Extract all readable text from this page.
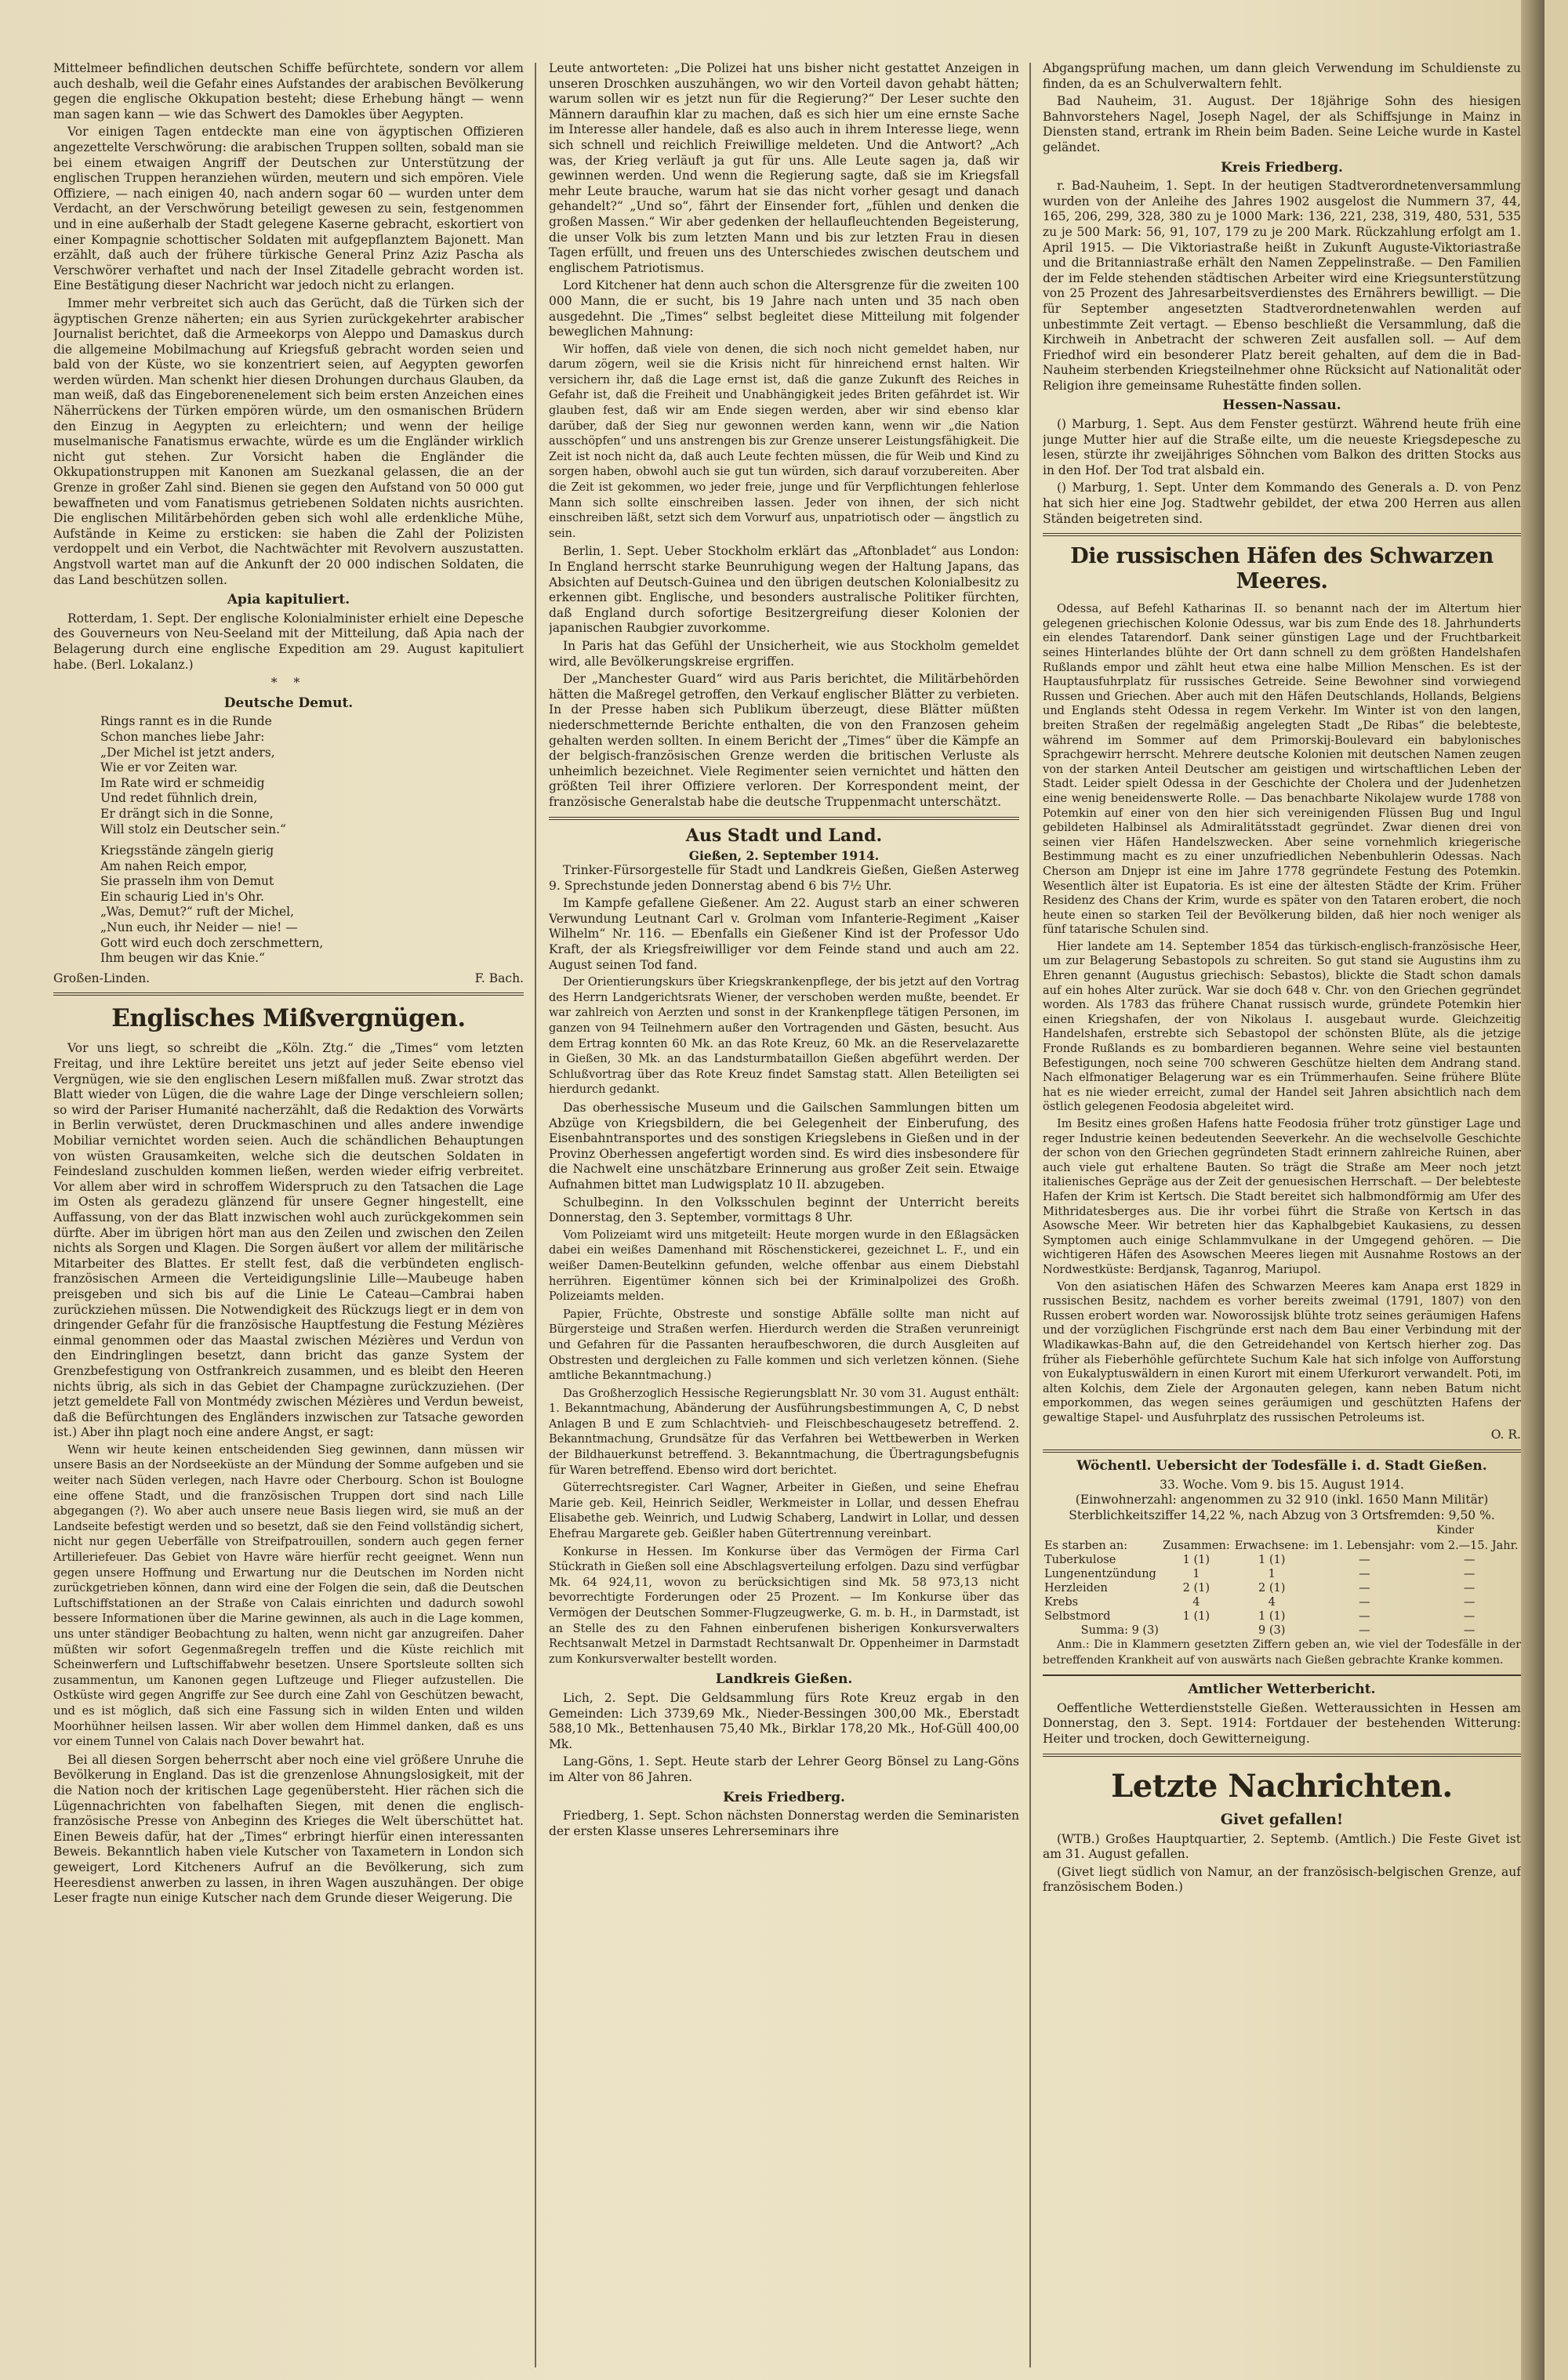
Mittelmeer befindlichen deutschen Schiffe befürchtete, sondern vor allem auch deshalb, weil die Gefahr eines Aufstandes der arabischen Bevölkerung gegen die englische Okkupation besteht; diese Erhebung hängt — wenn man sagen kann — wie das Schwert des Damokles über Aegypten.

Vor einigen Tagen entdeckte man eine von ägyptischen Offizieren angezettelte Verschwörung: die arabischen Truppen sollten, sobald man sie bei einem etwaigen Angriff der Deutschen zur Unterstützung der englischen Truppen heranziehen würden, meutern und sich empören. Viele Offiziere, — nach einigen 40, nach andern sogar 60 — wurden unter dem Verdacht, an der Verschwörung beteiligt gewesen zu sein, festgenommen und in eine außerhalb der Stadt gelegene Kaserne gebracht, eskortiert von einer Kompagnie schottischer Soldaten mit aufgepflanztem Bajonett. Man erzählt, daß auch der frühere türkische General Prinz Aziz Pascha als Verschwörer verhaftet und nach der Insel Zitadelle gebracht worden ist. Eine Bestätigung dieser Nachricht war jedoch nicht zu erlangen.

Immer mehr verbreitet sich auch das Gerücht, daß die Türken sich der ägyptischen Grenze näherten; ein aus Syrien zurückgekehrter arabischer Journalist berichtet, daß die Armeekorps von Aleppo und Damaskus durch die allgemeine Mobilmachung auf Kriegsfuß gebracht worden seien und bald von der Küste, wo sie konzentriert seien, auf Aegypten geworfen werden würden. Man schenkt hier diesen Drohungen durchaus Glauben, da man weiß, daß das Eingeborenenelement sich beim ersten Anzeichen eines Näherrückens der Türken empören würde, um den osmanischen Brüdern den Einzug in Aegypten zu erleichtern; und wenn der heilige muselmanische Fanatismus erwachte, würde es um die Engländer wirklich nicht gut stehen. Zur Vorsicht haben die Engländer die Okkupationstruppen mit Kanonen am Suezkanal gelassen, die an der Grenze in großer Zahl sind. Bienen sie gegen den Aufstand von 50 000 gut bewaffneten und vom Fanatismus getriebenen Soldaten nichts ausrichten. Die englischen Militärbehörden geben sich wohl alle erdenkliche Mühe, Aufstände in Keime zu ersticken: sie haben die Zahl der Polizisten verdoppelt und ein Verbot, die Nachtwächter mit Revolvern auszustatten. Angstvoll wartet man auf die Ankunft der 20 000 indischen Soldaten, die das Land beschützen sollen.

Apia kapituliert.

Rotterdam, 1. Sept. Der englische Kolonialminister erhielt eine Depesche des Gouverneurs von Neu-Seeland mit der Mitteilung, daß Apia nach der Belagerung durch eine englische Expedition am 29. August kapituliert habe. (Berl. Lokalanz.)

* *
Deutsche Demut.
Rings rannt es in die Runde
Schon manches liebe Jahr:
„Der Michel ist jetzt anders,
Wie er vor Zeiten war.
Im Rate wird er schmeidig
Und redet fühnlich drein,
Er drängt sich in die Sonne,
Will stolz ein Deutscher sein.“
Kriegsstände zängeln gierig
Am nahen Reich empor,
Sie prasseln ihm von Demut
Ein schaurig Lied in's Ohr.
„Was, Demut?“ ruft der Michel,
„Nun euch, ihr Neider — nie! —
Gott wird euch doch zerschmettern,
Ihm beugen wir das Knie.“
Großen-Linden.	F. Bach.
Englisches Mißvergnügen.

Vor uns liegt, so schreibt die „Köln. Ztg.“ die „Times“ vom letzten Freitag, und ihre Lektüre bereitet uns jetzt auf jeder Seite ebenso viel Vergnügen, wie sie den englischen Lesern mißfallen muß. Zwar strotzt das Blatt wieder von Lügen, die die wahre Lage der Dinge verschleiern sollen; so wird der Pariser Humanité nacherzählt, daß die Redaktion des Vorwärts in Berlin verwüstet, deren Druckmaschinen und alles andere inwendige Mobiliar vernichtet worden seien. Auch die schändlichen Behauptungen von wüsten Grausamkeiten, welche sich die deutschen Soldaten in Feindesland zuschulden kommen ließen, werden wieder eifrig verbreitet. Vor allem aber wird in schroffem Widerspruch zu den Tatsachen die Lage im Osten als geradezu glänzend für unsere Gegner hingestellt, eine Auffassung, von der das Blatt inzwischen wohl auch zurückgekommen sein dürfte. Aber im übrigen hört man aus den Zeilen und zwischen den Zeilen nichts als Sorgen und Klagen. Die Sorgen äußert vor allem der militärische Mitarbeiter des Blattes. Er stellt fest, daß die verbündeten englisch-französischen Armeen die Verteidigungslinie Lille—Maubeuge haben preisgeben und sich bis auf die Linie Le Cateau—Cambrai haben zurückziehen müssen. Die Notwendigkeit des Rückzugs liegt er in dem von dringender Gefahr für die französische Hauptfestung die Festung Mézières einmal genommen oder das Maastal zwischen Mézières und Verdun von den Eindringlingen besetzt, dann bricht das ganze System der Grenzbefestigung von Ostfrankreich zusammen, und es bleibt den Heeren nichts übrig, als sich in das Gebiet der Champagne zurückzuziehen. (Der jetzt gemeldete Fall von Montmédy zwischen Mézières und Verdun beweist, daß die Befürchtungen des Engländers inzwischen zur Tatsache geworden ist.) Aber ihn plagt noch eine andere Angst, er sagt:

Wenn wir heute keinen entscheidenden Sieg gewinnen, dann müssen wir unsere Basis an der Nordseeküste an der Mündung der Somme aufgeben und sie weiter nach Süden verlegen, nach Havre oder Cherbourg. Schon ist Boulogne eine offene Stadt, und die französischen Truppen dort sind nach Lille abgegangen (?). Wo aber auch unsere neue Basis liegen wird, sie muß an der Landseite befestigt werden und so besetzt, daß sie den Feind vollständig sichert, nicht nur gegen Ueberfälle von Streifpatrouillen, sondern auch gegen ferner Artilleriefeuer. Das Gebiet von Havre wäre hierfür recht geeignet. Wenn nun gegen unsere Hoffnung und Erwartung nur die Deutschen im Norden nicht zurückgetrieben können, dann wird eine der Folgen die sein, daß die Deutschen Luftschiffstationen an der Straße von Calais einrichten und dadurch sowohl bessere Informationen über die Marine gewinnen, als auch in die Lage kommen, uns unter ständiger Beobachtung zu halten, wenn nicht gar anzugreifen. Daher müßten wir sofort Gegenmaßregeln treffen und die Küste reichlich mit Scheinwerfern und Luftschiffabwehr besetzen. Unsere Sportsleute sollten sich zusammentun, um Kanonen gegen Luftzeuge und Flieger aufzustellen. Die Ostküste wird gegen Angriffe zur See durch eine Zahl von Geschützen bewacht, und es ist möglich, daß sich eine Fassung sich in wilden Enten und wilden Moorhühner heilsen lassen. Wir aber wollen dem Himmel danken, daß es uns vor einem Tunnel von Calais nach Dover bewahrt hat.

Bei all diesen Sorgen beherrscht aber noch eine viel größere Unruhe die Bevölkerung in England. Das ist die grenzenlose Ahnungslosigkeit, mit der die Nation noch der kritischen Lage gegenübersteht. Hier rächen sich die Lügennachrichten von fabelhaften Siegen, mit denen die englisch-französische Presse von Anbeginn des Krieges die Welt überschüttet hat. Einen Beweis dafür, hat der „Times“ erbringt hierfür einen interessanten Beweis. Bekanntlich haben viele Kutscher von Taxametern in London sich geweigert, Lord Kitcheners Aufruf an die Bevölkerung, sich zum Heeresdienst anwerben zu lassen, in ihren Wagen auszuhängen. Der obige Leser fragte nun einige Kutscher nach dem Grunde dieser Weigerung. Die

Leute antworteten: „Die Polizei hat uns bisher nicht gestattet Anzeigen in unseren Droschken auszuhängen, wo wir den Vorteil davon gehabt hätten; warum sollen wir es jetzt nun für die Regierung?“ Der Leser suchte den Männern daraufhin klar zu machen, daß es sich hier um eine ernste Sache im Interesse aller handele, daß es also auch in ihrem Interesse liege, wenn sich schnell und reichlich Freiwillige meldeten. Und die Antwort? „Ach was, der Krieg verläuft ja gut für uns. Alle Leute sagen ja, daß wir gewinnen werden. Und wenn die Regierung sagte, daß sie im Kriegsfall mehr Leute brauche, warum hat sie das nicht vorher gesagt und danach gehandelt?“ „Und so“, fährt der Einsender fort, „fühlen und denken die großen Massen.“ Wir aber gedenken der hellaufleuchtenden Begeisterung, die unser Volk bis zum letzten Mann und bis zur letzten Frau in diesen Tagen erfüllt, und freuen uns des Unterschiedes zwischen deutschem und englischem Patriotismus.

Lord Kitchener hat denn auch schon die Altersgrenze für die zweiten 100 000 Mann, die er sucht, bis 19 Jahre nach unten und 35 nach oben ausgedehnt. Die „Times“ selbst begleitet diese Mitteilung mit folgender beweglichen Mahnung:

Wir hoffen, daß viele von denen, die sich noch nicht gemeldet haben, nur darum zögern, weil sie die Krisis nicht für hinreichend ernst halten. Wir versichern ihr, daß die Lage ernst ist, daß die ganze Zukunft des Reiches in Gefahr ist, daß die Freiheit und Unabhängigkeit jedes Briten gefährdet ist. Wir glauben fest, daß wir am Ende siegen werden, aber wir sind ebenso klar darüber, daß der Sieg nur gewonnen werden kann, wenn wir „die Nation ausschöpfen“ und uns anstrengen bis zur Grenze unserer Leistungsfähigkeit. Die Zeit ist noch nicht da, daß auch Leute fechten müssen, die für Weib und Kind zu sorgen haben, obwohl auch sie gut tun würden, sich darauf vorzubereiten. Aber die Zeit ist gekommen, wo jeder freie, junge und für Verpflichtungen fehlerlose Mann sich sollte einschreiben lassen. Jeder von ihnen, der sich nicht einschreiben läßt, setzt sich dem Vorwurf aus, unpatriotisch oder — ängstlich zu sein.

Berlin, 1. Sept. Ueber Stockholm erklärt das „Aftonbladet“ aus London: In England herrscht starke Beunruhigung wegen der Haltung Japans, das Absichten auf Deutsch-Guinea und den übrigen deutschen Kolonialbesitz zu erkennen gibt. Englische, und besonders australische Politiker fürchten, daß England durch sofortige Besitzergreifung dieser Kolonien der japanischen Raubgier zuvorkomme.

In Paris hat das Gefühl der Unsicherheit, wie aus Stockholm gemeldet wird, alle Bevölkerungskreise ergriffen.

Der „Manchester Guard“ wird aus Paris berichtet, die Militärbehörden hätten die Maßregel getroffen, den Verkauf englischer Blätter zu verbieten. In der Presse haben sich Publikum überzeugt, diese Blätter müßten niederschmetternde Berichte enthalten, die von den Franzosen geheim gehalten werden sollten. In einem Bericht der „Times“ über die Kämpfe an der belgisch-französischen Grenze werden die britischen Verluste als unheimlich bezeichnet. Viele Regimenter seien vernichtet und hätten den größten Teil ihrer Offiziere verloren. Der Korrespondent meint, der französische Generalstab habe die deutsche Truppenmacht unterschätzt.

Aus Stadt und Land.
Gießen, 2. September 1914.

Trinker-Fürsorgestelle für Stadt und Landkreis Gießen, Gießen Asterweg 9. Sprechstunde jeden Donnerstag abend 6 bis 7½ Uhr.

Im Kampfe gefallene Gießener. Am 22. August starb an einer schweren Verwundung Leutnant Carl v. Grolman vom Infanterie-Regiment „Kaiser Wilhelm“ Nr. 116. — Ebenfalls ein Gießener Kind ist der Professor Udo Kraft, der als Kriegsfreiwilliger vor dem Feinde stand und auch am 22. August seinen Tod fand.

Der Orientierungskurs über Kriegskrankenpflege, der bis jetzt auf den Vortrag des Herrn Landgerichtsrats Wiener, der verschoben werden mußte, beendet. Er war zahlreich von Aerzten und sonst in der Krankenpflege tätigen Personen, im ganzen von 94 Teilnehmern außer den Vortragenden und Gästen, besucht. Aus dem Ertrag konnten 60 Mk. an das Rote Kreuz, 60 Mk. an die Reservelazarette in Gießen, 30 Mk. an das Landsturmbataillon Gießen abgeführt werden. Der Schlußvortrag über das Rote Kreuz findet Samstag statt. Allen Beteiligten sei hierdurch gedankt.

Das oberhessische Museum und die Gailschen Sammlungen bitten um Abzüge von Kriegsbildern, die bei Gelegenheit der Einberufung, des Eisenbahntransportes und des sonstigen Kriegslebens in Gießen und in der Provinz Oberhessen angefertigt worden sind. Es wird dies insbesondere für die Nachwelt eine unschätzbare Erinnerung aus großer Zeit sein. Etwaige Aufnahmen bittet man Ludwigsplatz 10 II. abzugeben.

Schulbeginn. In den Volksschulen beginnt der Unterricht bereits Donnerstag, den 3. September, vormittags 8 Uhr.

Vom Polizeiamt wird uns mitgeteilt: Heute morgen wurde in den Eßlagsäcken dabei ein weißes Damenhand mit Röschenstickerei, gezeichnet L. F., und ein weißer Damen-Beutelkinn gefunden, welche offenbar aus einem Diebstahl herrühren. Eigentümer können sich bei der Kriminalpolizei des Großh. Polizeiamts melden.

Papier, Früchte, Obstreste und sonstige Abfälle sollte man nicht auf Bürgersteige und Straßen werfen. Hierdurch werden die Straßen verunreinigt und Gefahren für die Passanten heraufbeschworen, die durch Ausgleiten auf Obstresten und dergleichen zu Falle kommen und sich verletzen können. (Siehe amtliche Bekanntmachung.)

Das Großherzoglich Hessische Regierungsblatt Nr. 30 vom 31. August enthält: 1. Bekanntmachung, Abänderung der Ausführungsbestimmungen A, C, D nebst Anlagen B und E zum Schlachtvieh- und Fleischbeschaugesetz betreffend. 2. Bekanntmachung, Grundsätze für das Verfahren bei Wettbewerben in Werken der Bildhauerkunst betreffend. 3. Bekanntmachung, die Übertragungsbefugnis für Waren betreffend. Ebenso wird dort berichtet.

Güterrechtsregister. Carl Wagner, Arbeiter in Gießen, und seine Ehefrau Marie geb. Keil, Heinrich Seidler, Werkmeister in Lollar, und dessen Ehefrau Elisabethe geb. Weinrich, und Ludwig Schaberg, Landwirt in Lollar, und dessen Ehefrau Margarete geb. Geißler haben Gütertrennung vereinbart.

Konkurse in Hessen. Im Konkurse über das Vermögen der Firma Carl Stückrath in Gießen soll eine Abschlagsverteilung erfolgen. Dazu sind verfügbar Mk. 64 924,11, wovon zu berücksichtigen sind Mk. 58 973,13 nicht bevorrechtigte Forderungen oder 25 Prozent. — Im Konkurse über das Vermögen der Deutschen Sommer-Flugzeugwerke, G. m. b. H., in Darmstadt, ist an Stelle des zu den Fahnen einberufenen bisherigen Konkursverwalters Rechtsanwalt Metzel in Darmstadt Rechtsanwalt Dr. Oppenheimer in Darmstadt zum Konkursverwalter bestellt worden.

Landkreis Gießen.

Lich, 2. Sept. Die Geldsammlung fürs Rote Kreuz ergab in den Gemeinden: Lich 3739,69 Mk., Nieder-Bessingen 300,00 Mk., Eberstadt 588,10 Mk., Bettenhausen 75,40 Mk., Birklar 178,20 Mk., Hof-Güll 400,00 Mk.

Lang-Göns, 1. Sept. Heute starb der Lehrer Georg Bönsel zu Lang-Göns im Alter von 86 Jahren.

Kreis Friedberg.

Friedberg, 1. Sept. Schon nächsten Donnerstag werden die Seminaristen der ersten Klasse unseres Lehrerseminars ihre

Abgangsprüfung machen, um dann gleich Verwendung im Schuldienste zu finden, da es an Schulverwaltern fehlt.

Bad Nauheim, 31. August. Der 18jährige Sohn des hiesigen Bahnvorstehers Nagel, Joseph Nagel, der als Schiffsjunge in Mainz in Diensten stand, ertrank im Rhein beim Baden. Seine Leiche wurde in Kastel geländet.

Kreis Friedberg.

r. Bad-Nauheim, 1. Sept. In der heutigen Stadtverordnetenversammlung wurden von der Anleihe des Jahres 1902 ausgelost die Nummern 37, 44, 165, 206, 299, 328, 380 zu je 1000 Mark: 136, 221, 238, 319, 480, 531, 535 zu je 500 Mark: 56, 91, 107, 179 zu je 200 Mark. Rückzahlung erfolgt am 1. April 1915. — Die Viktoriastraße heißt in Zukunft Auguste-Viktoriastraße und die Britanniastraße erhält den Namen Zeppelinstraße. — Den Familien der im Felde stehenden städtischen Arbeiter wird eine Kriegsunterstützung von 25 Prozent des Jahresarbeitsverdienstes des Ernährers bewilligt. — Die für September angesetzten Stadtverordnetenwahlen werden auf unbestimmte Zeit vertagt. — Ebenso beschließt die Versammlung, daß die Kirchweih in Anbetracht der schweren Zeit ausfallen soll. — Auf dem Friedhof wird ein besonderer Platz bereit gehalten, auf dem die in Bad-Nauheim sterbenden Kriegsteilnehmer ohne Rücksicht auf Nationalität oder Religion ihre gemeinsame Ruhestätte finden sollen.

Hessen-Nassau.

() Marburg, 1. Sept. Aus dem Fenster gestürzt. Während heute früh eine junge Mutter hier auf die Straße eilte, um die neueste Kriegsdepesche zu lesen, stürzte ihr zweijähriges Söhnchen vom Balkon des dritten Stocks aus in den Hof. Der Tod trat alsbald ein.

() Marburg, 1. Sept. Unter dem Kommando des Generals a. D. von Penz hat sich hier eine Jog. Stadtwehr gebildet, der etwa 200 Herren aus allen Ständen beigetreten sind.

Die russischen Häfen des Schwarzen Meeres.

Odessa, auf Befehl Katharinas II. so benannt nach der im Altertum hier gelegenen griechischen Kolonie Odessus, war bis zum Ende des 18. Jahrhunderts ein elendes Tatarendorf. Dank seiner günstigen Lage und der Fruchtbarkeit seines Hinterlandes blühte der Ort dann schnell zu dem größten Handelshafen Rußlands empor und zählt heut etwa eine halbe Million Menschen. Es ist der Hauptausfuhrplatz für russisches Getreide. Seine Bewohner sind vorwiegend Russen und Griechen. Aber auch mit den Häfen Deutschlands, Hollands, Belgiens und Englands steht Odessa in regem Verkehr. Im Winter ist von den langen, breiten Straßen der regelmäßig angelegten Stadt „De Ribas“ die belebteste, während im Sommer auf dem Primorskij-Boulevard ein babylonisches Sprachgewirr herrscht. Mehrere deutsche Kolonien mit deutschen Namen zeugen von der starken Anteil Deutscher am geistigen und wirtschaftlichen Leben der Stadt. Leider spielt Odessa in der Geschichte der Cholera und der Judenhetzen eine wenig beneidenswerte Rolle. — Das benachbarte Nikolajew wurde 1788 von Potemkin auf einer von den hier sich vereinigenden Flüssen Bug und Ingul gebildeten Halbinsel als Admiralitätsstadt gegründet. Zwar dienen drei von seinen vier Häfen Handelszwecken. Aber seine vornehmlich kriegerische Bestimmung macht es zu einer unzufriedlichen Nebenbuhlerin Odessas. Nach Cherson am Dnjepr ist eine im Jahre 1778 gegründete Festung des Potemkin. Wesentlich älter ist Eupatoria. Es ist eine der ältesten Städte der Krim. Früher Residenz des Chans der Krim, wurde es später von den Tataren erobert, die noch heute einen so starken Teil der Bevölkerung bilden, daß hier noch weniger als fünf tatarische Schulen sind.

Hier landete am 14. September 1854 das türkisch-englisch-französische Heer, um zur Belagerung Sebastopols zu schreiten. So gut stand sie Augustins ihm zu Ehren genannt (Augustus griechisch: Sebastos), blickte die Stadt schon damals auf ein hohes Alter zurück. War sie doch 648 v. Chr. von den Griechen gegründet worden. Als 1783 das frühere Chanat russisch wurde, gründete Potemkin hier einen Kriegshafen, der von Nikolaus I. ausgebaut wurde. Gleichzeitig Handelshafen, erstrebte sich Sebastopol der schönsten Blüte, als die jetzige Fronde Rußlands es zu bombardieren begannen. Wehre seine viel bestaunten Befestigungen, noch seine 700 schweren Geschütze hielten dem Andrang stand. Nach elfmonatiger Belagerung war es ein Trümmerhaufen. Seine frühere Blüte hat es nie wieder erreicht, zumal der Handel seit Jahren absichtlich nach dem östlich gelegenen Feodosia abgeleitet wird.

Im Besitz eines großen Hafens hatte Feodosia früher trotz günstiger Lage und reger Industrie keinen bedeutenden Seeverkehr. An die wechselvolle Geschichte der schon von den Griechen gegründeten Stadt erinnern zahlreiche Ruinen, aber auch viele gut erhaltene Bauten. So trägt die Straße am Meer noch jetzt italienisches Gepräge aus der Zeit der genuesischen Herrschaft. — Der belebteste Hafen der Krim ist Kertsch. Die Stadt bereitet sich halbmondförmig am Ufer des Mithridatesberges aus. Die ihr vorbei führt die Straße von Kertsch in das Asowsche Meer. Wir betreten hier das Kaphalbgebiet Kaukasiens, zu dessen Symptomen auch einige Schlammvulkane in der Umgegend gehören. — Die wichtigeren Häfen des Asowschen Meeres liegen mit Ausnahme Rostows an der Nordwestküste: Berdjansk, Taganrog, Mariupol.

Von den asiatischen Häfen des Schwarzen Meeres kam Anapa erst 1829 in russischen Besitz, nachdem es vorher bereits zweimal (1791, 1807) von den Russen erobert worden war. Noworossijsk blühte trotz seines geräumigen Hafens und der vorzüglichen Fischgründe erst nach dem Bau einer Verbindung mit der Wladikawkas-Bahn auf, die den Getreidehandel von Kertsch hierher zog. Das früher als Fieberhöhle gefürchtete Suchum Kale hat sich infolge von Aufforstung von Eukalyptuswäldern in einen Kurort mit einem Uferkurort verwandelt. Poti, im alten Kolchis, dem Ziele der Argonauten gelegen, kann neben Batum nicht emporkommen, das wegen seines geräumigen und geschützten Hafens der gewaltige Stapel- und Ausfuhrplatz des russischen Petroleums ist.

O. R.
Wöchentl. Uebersicht der Todesfälle i. d. Stadt Gießen.
33. Woche. Vom 9. bis 15. August 1914.
(Einwohnerzahl: angenommen zu 32 910 (inkl. 1650 Mann Militär)
Sterblichkeitsziffer 14,22 %, nach Abzug von 3 Ortsfremden: 9,50 %.
Kinder
Es starben an:	Zusammen:	Erwachsene:	im 1. Lebensjahr:	vom 2.—15. Jahr.
Tuberkulose	1 (1)	1 (1)	—	—
Lungenentzündung	1	1	—	—
Herzleiden	2 (1)	2 (1)	—	—
Krebs	4	4	—	—
Selbstmord	1 (1)	1 (1)	—	—
Summa: 9 (3)		9 (3)	—	—

Anm.: Die in Klammern gesetzten Ziffern geben an, wie viel der Todesfälle in der betreffenden Krankheit auf von auswärts nach Gießen gebrachte Kranke kommen.

Amtlicher Wetterbericht.

Oeffentliche Wetterdienststelle Gießen. Wetteraussichten in Hessen am Donnerstag, den 3. Sept. 1914: Fortdauer der bestehenden Witterung: Heiter und trocken, doch Gewitterneigung.

Letzte Nachrichten.
Givet gefallen!

(WTB.) Großes Hauptquartier, 2. Septemb. (Amtlich.) Die Feste Givet ist am 31. August gefallen.

(Givet liegt südlich von Namur, an der französisch-belgischen Grenze, auf französischem Boden.)
